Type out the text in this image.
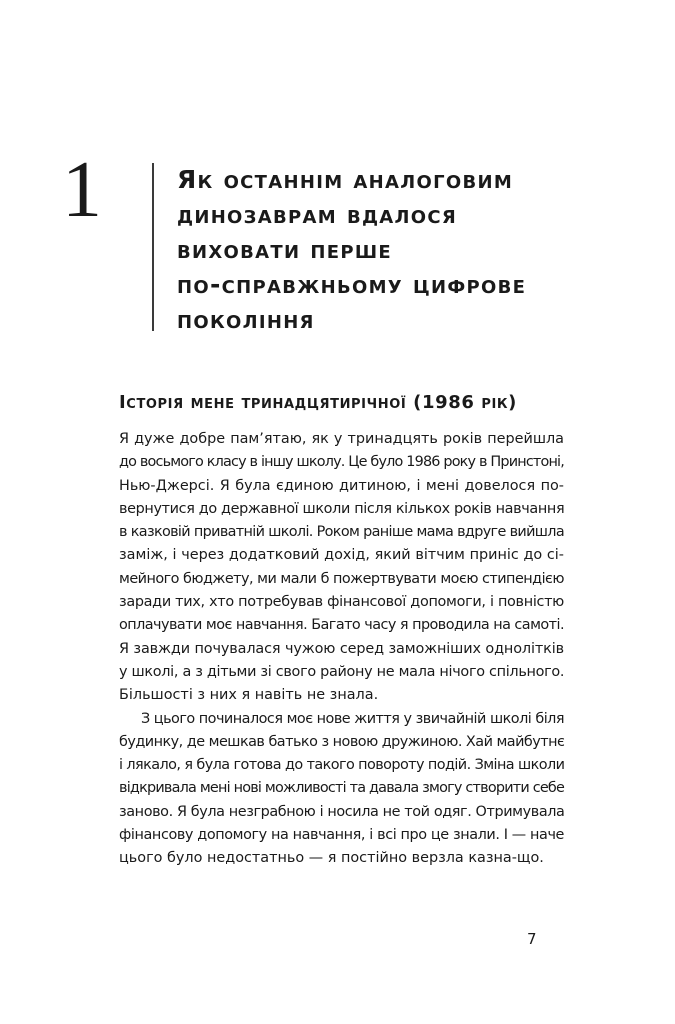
1	Як останнім аналоговим
динозаврам вдалося
виховати перше
по-справжньому цифрове
покоління
Історія мене тринадцятирічної (1986 рік)
Я дуже добре пам’ятаю, як у тринадцять років перейшла
до восьмого класу в іншу школу. Це було 1986 року в Принстоні,
Нью-Джерсі. Я була єдиною дитиною, і мені довелося по-
вернутися до державної школи після кількох років навчання
в казковій приватній школі. Роком раніше мама вдруге вийшла
заміж, і через додатковий дохід, який вітчим приніс до сі-
мейного бюджету, ми мали б пожертвувати моєю стипендією
заради тих, хто потребував фінансової допомоги, і повністю
оплачувати моє навчання. Багато часу я проводила на самоті.
Я завжди почувалася чужою серед заможніших однолітків
у школі, а з дітьми зі свого району не мала нічого спільного.
Більшості з них я навіть не знала.
З цього починалося моє нове життя у звичайній школі біля
будинку, де мешкав батько з новою дружиною. Хай майбутнє
і лякало, я була готова до такого повороту подій. Зміна школи
відкривала мені нові можливості та давала змогу створити себе
заново. Я була незграбною і носила не той одяг. Отримувала
фінансову допомогу на навчання, і всі про це знали. І — наче
цього було недостатньо — я постійно верзла казна-що.
7
